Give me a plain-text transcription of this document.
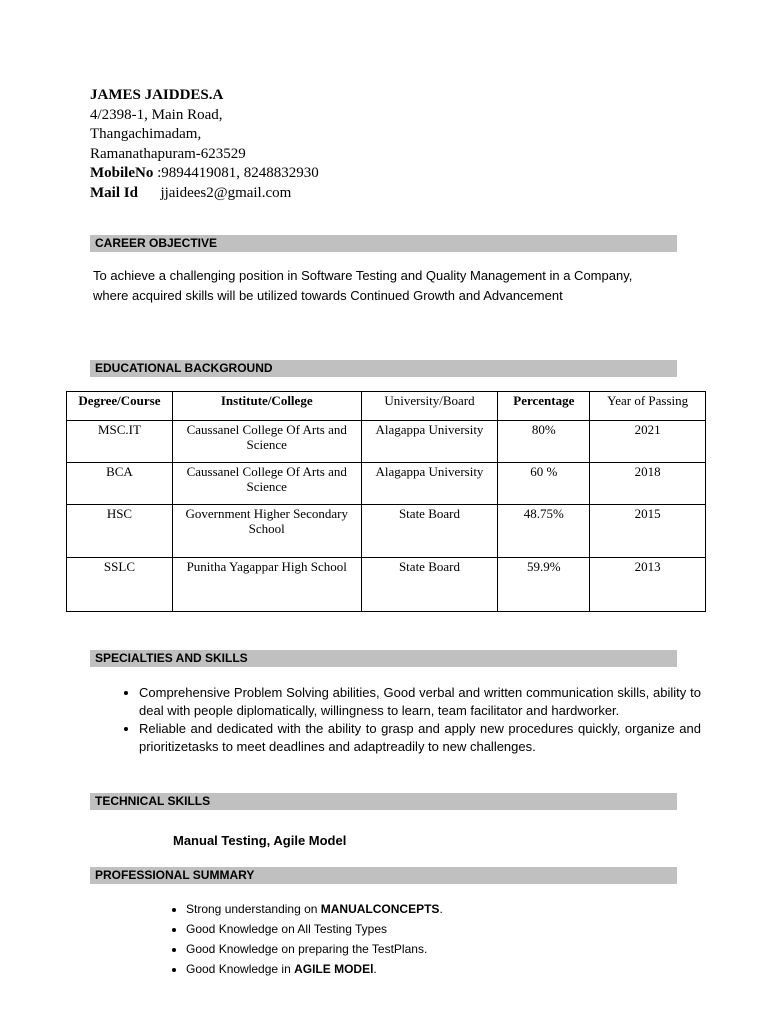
JAMES JAIDDES.A
4/2398-1, Main Road,
Thangachimadam,
Ramanathapuram-623529
MobileNo :9894419081, 8248832930
Mail Id jjaidees2@gmail.com
CAREER OBJECTIVE
To achieve a challenging position in Software Testing and Quality Management in a Company, where acquired skills will be utilized towards Continued Growth and Advancement
EDUCATIONAL BACKGROUND
Degree/Course	Institute/College	University/Board	Percentage	Year of Passing
MSC.IT	Caussanel College Of Arts and Science	Alagappa University	80%	2021
BCA	Caussanel College Of Arts and Science	Alagappa University	60 %	2018
HSC	Government Higher Secondary School	State Board	48.75%	2015
SSLC	Punitha Yagappar High School	State Board	59.9%	2013
SPECIALTIES AND SKILLS
• Comprehensive Problem Solving abilities, Good verbal and written communication skills, ability to deal with people diplomatically, willingness to learn, team facilitator and hardworker.
• Reliable and dedicated with the ability to grasp and apply new procedures quickly, organize and prioritizetasks to meet deadlines and adaptreadily to new challenges.
TECHNICAL SKILLS
Manual Testing, Agile Model
PROFESSIONAL SUMMARY
• Strong understanding on MANUALCONCEPTS.
• Good Knowledge on All Testing Types
• Good Knowledge on preparing the TestPlans.
• Good Knowledge in AGILE MODEl.
